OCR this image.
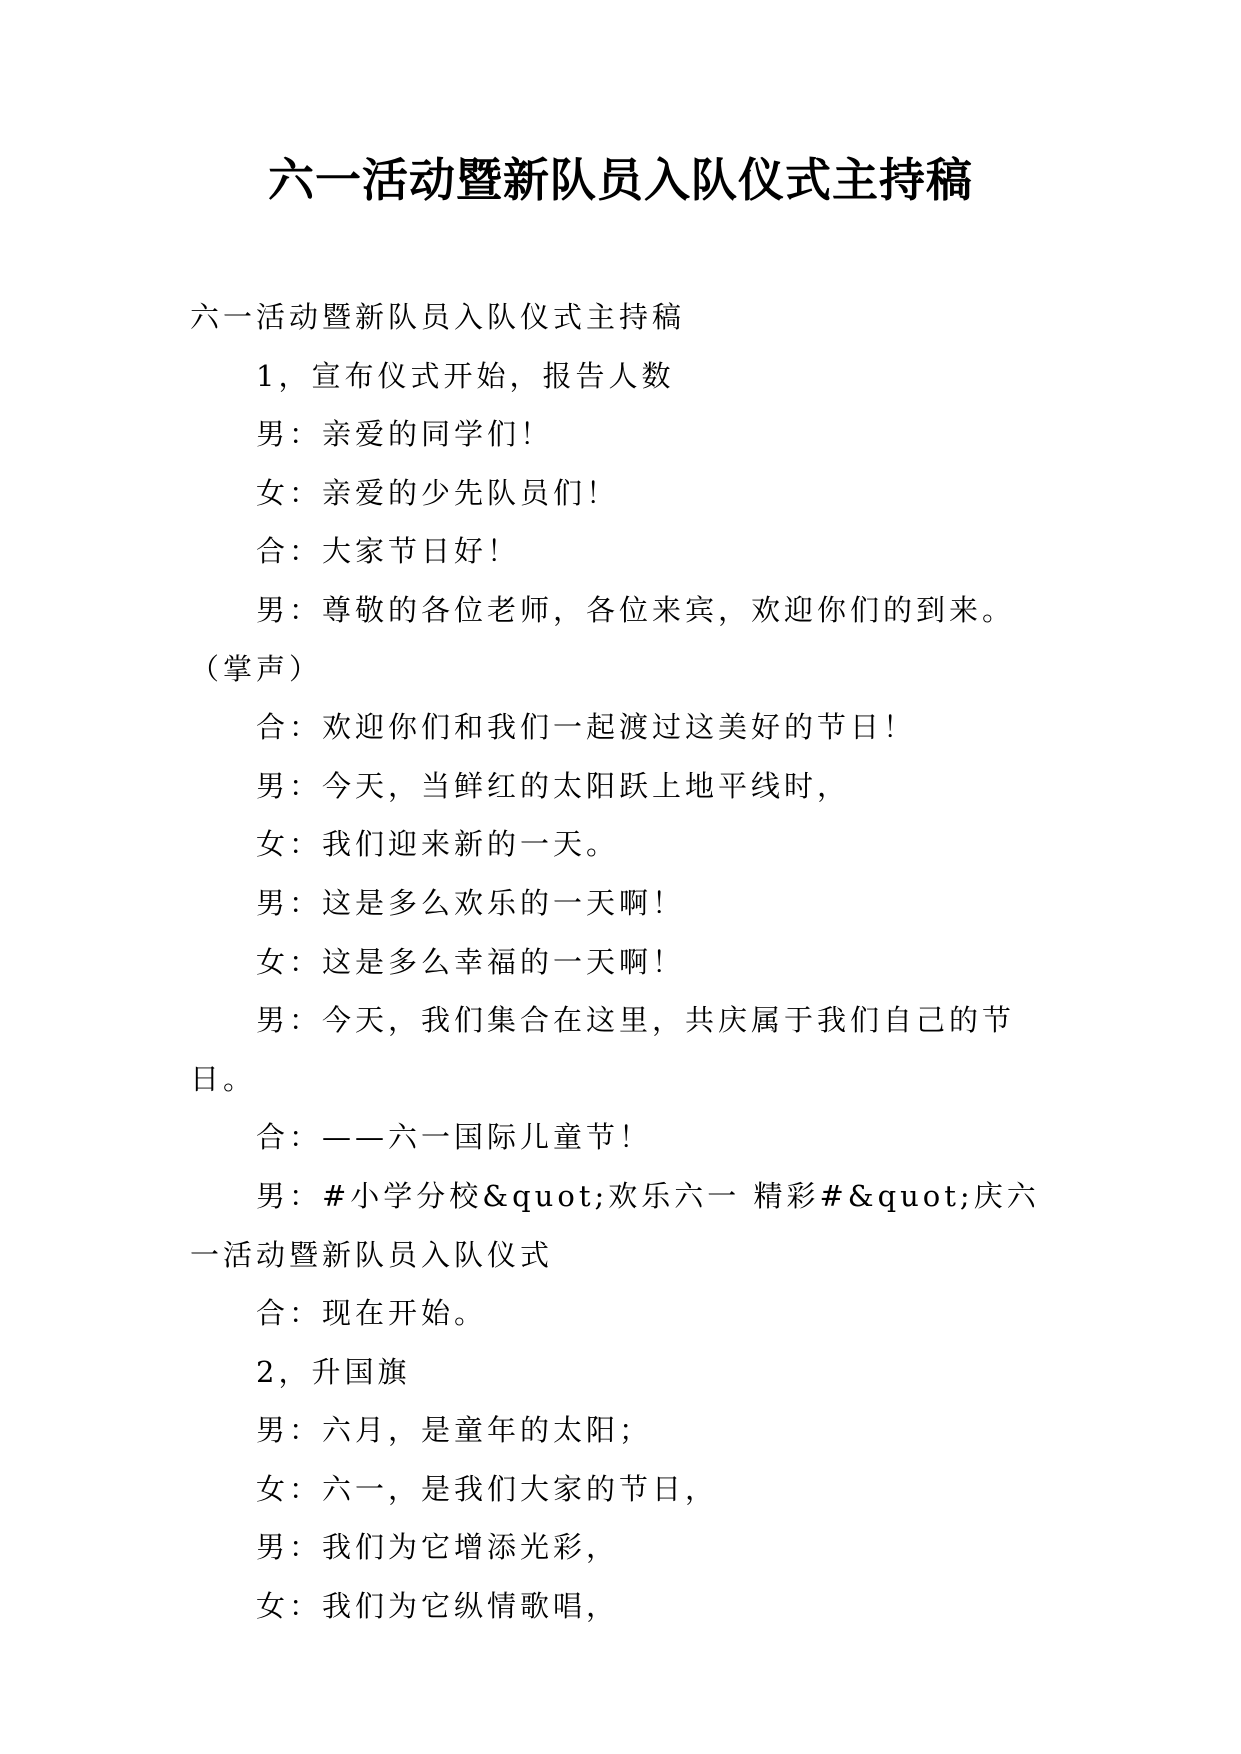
六一活动暨新队员入队仪式主持稿

六一活动暨新队员入队仪式主持稿

1，宣布仪式开始，报告人数

男：亲爱的同学们！

女：亲爱的少先队员们！

合：大家节日好！

男：尊敬的各位老师，各位来宾，欢迎你们的到来。（掌声）

合：欢迎你们和我们一起渡过这美好的节日！

男：今天，当鲜红的太阳跃上地平线时，

女：我们迎来新的一天。

男：这是多么欢乐的一天啊！

女：这是多么幸福的一天啊！

男：今天，我们集合在这里，共庆属于我们自己的节日。

合：——六一国际儿童节！

男：#小学分校&quot;欢乐六一 精彩#&quot;庆六一活动暨新队员入队仪式

合：现在开始。

2，升国旗

男：六月，是童年的太阳；

女：六一，是我们大家的节日，

男：我们为它增添光彩，

女：我们为它纵情歌唱，
